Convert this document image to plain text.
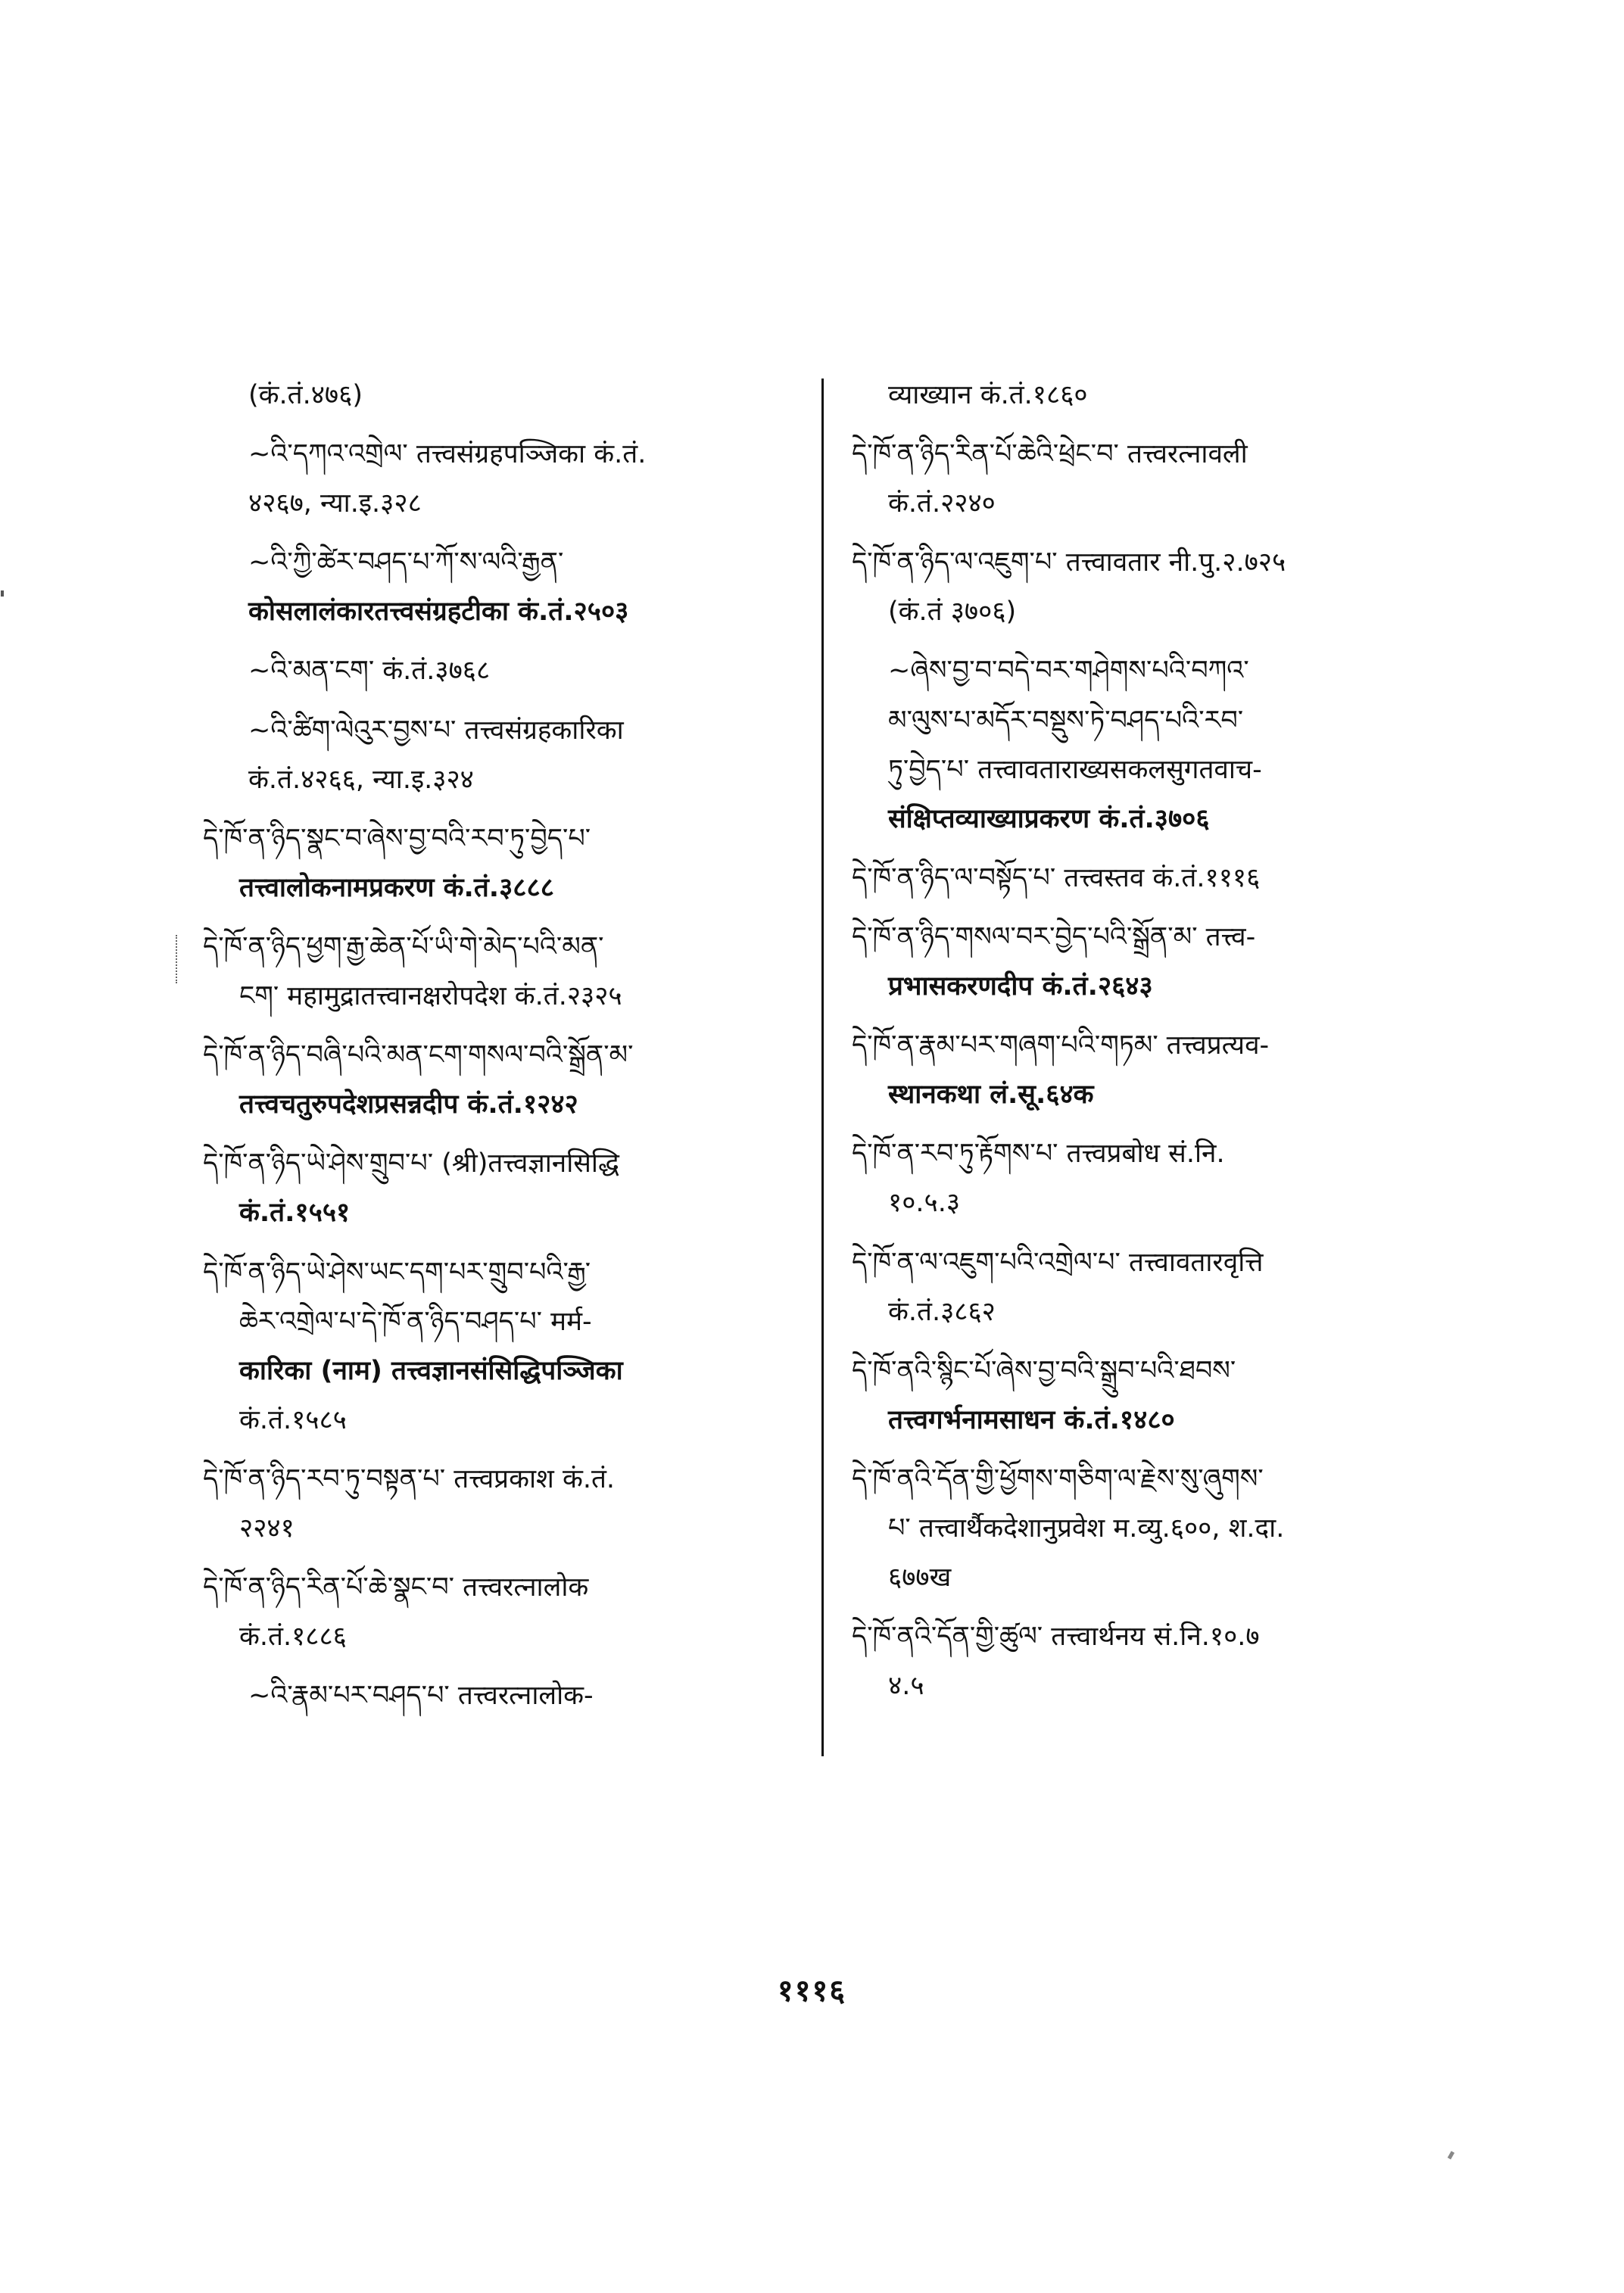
(कं.तं.४७६)
~འི་དཀའ་འགྲེལ་ तत्त्वसंग्रहपञ्जिका कं.तं.
४२६७, न्या.इ.३२८
~འི་ཀྱི་ཚེར་བཤད་པ་ཀོ་ས་ལའི་རྒྱན་
कोसलालंकारतत्त्वसंग्रहटीका कं.तं.२५०३
~འི་མན་ངག་ कं.तं.३७६८
~འི་ཚིག་ལེའུར་བྱས་པ་ तत्त्वसंग्रहकारिका
कं.तं.४२६६, न्या.इ.३२४
དེ་ཁོ་ན་ཉིད་སྣང་བ་ཞེས་བྱ་བའི་རབ་ཏུ་བྱེད་པ་
तत्त्वालोकनामप्रकरण कं.तं.३८८८
དེ་ཁོ་ན་ཉིད་ཕྱག་རྒྱ་ཆེན་པོ་ཡི་གེ་མེད་པའི་མན་
ངག་ महामुद्रातत्त्वानक्षरोपदेश कं.तं.२३२५
དེ་ཁོ་ན་ཉིད་བཞི་པའི་མན་ངག་གསལ་བའི་སྒྲོན་མ་
तत्त्वचतुरुपदेशप्रसन्नदीप कं.तं.१२४२
དེ་ཁོ་ན་ཉིད་ཡེ་ཤེས་གྲུབ་པ་ (श्री)तत्त्वज्ञानसिद्धि
कं.तं.१५५१
དེ་ཁོ་ན་ཉིད་ཡེ་ཤེས་ཡང་དག་པར་གྲུབ་པའི་རྒྱ་
ཆེར་འགྲེལ་པ་དེ་ཁོ་ན་ཉིད་བཤད་པ་ मर्म-
कारिका (नाम) तत्त्वज्ञानसंसिद्धिपञ्जिका
कं.तं.१५८५
དེ་ཁོ་ན་ཉིད་རབ་ཏུ་བསྟན་པ་ तत्त्वप्रकाश कं.तं.
२२४१
དེ་ཁོ་ན་ཉིད་རིན་པོ་ཆེ་སྣང་བ་ तत्त्वरत्नालोक
कं.तं.१८८६
~འི་རྣམ་པར་བཤད་པ་ तत्त्वरत्नालोक-
व्याख्यान कं.तं.१८६०
དེ་ཁོ་ན་ཉིད་རིན་པོ་ཆེའི་ཕྲེང་བ་ तत्त्वरत्नावली
कं.तं.२२४०
དེ་ཁོ་ན་ཉིད་ལ་འཇུག་པ་ तत्त्वावतार नी.पु.२.७२५
(कं.तं ३७०६)
~ཞེས་བྱ་བ་བདེ་བར་གཤེགས་པའི་བཀའ་
མ་ལུས་པ་མདོར་བསྡུས་ཏེ་བཤད་པའི་རབ་
ཏུ་བྱེད་པ་ तत्त्वावताराख्यसकलसुगतवाच-
संक्षिप्तव्याख्याप्रकरण कं.तं.३७०६
དེ་ཁོ་ན་ཉིད་ལ་བསྟོད་པ་ तत्त्वस्तव कं.तं.१११६
དེ་ཁོ་ན་ཉིད་གསལ་བར་བྱེད་པའི་སྒྲོན་མ་ तत्त्व-
प्रभासकरणदीप कं.तं.२६४३
དེ་ཁོ་ན་རྣམ་པར་གཞག་པའི་གཏམ་ तत्त्वप्रत्यव-
स्थानकथा लं.सू.६४क
དེ་ཁོ་ན་རབ་ཏུ་རྟོགས་པ་ तत्त्वप्रबोध सं.नि.
१०.५.३
དེ་ཁོ་ན་ལ་འཇུག་པའི་འགྲེལ་པ་ तत्त्वावतारवृत्ति
कं.तं.३८६२
དེ་ཁོ་ནའི་སྙིང་པོ་ཞེས་བྱ་བའི་སྒྲུབ་པའི་ཐབས་
तत्त्वगर्भनामसाधन कं.तं.१४८०
དེ་ཁོ་ནའི་དོན་གྱི་ཕྱོགས་གཅིག་ལ་རྗེས་སུ་ཞུགས་
པ་ तत्त्वार्थैकदेशानुप्रवेश म.व्यु.६००, श.दा.
६७७ख
དེ་ཁོ་ནའི་དོན་གྱི་ཚུལ་ तत्त्वार्थनय सं.नि.१०.७
४.५
१११६
